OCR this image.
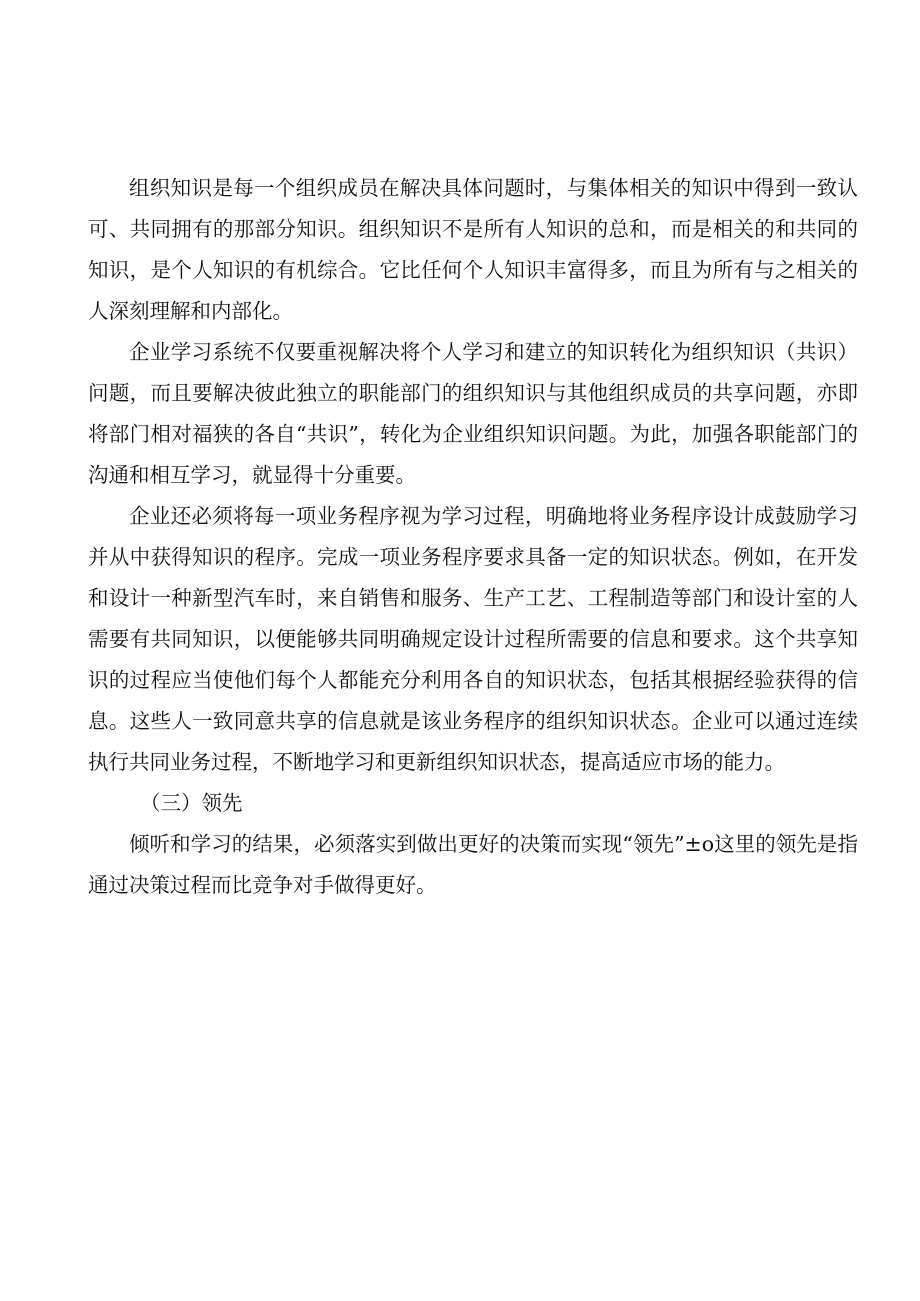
组织知识是每一个组织成员在解决具体问题时，与集体相关的知识中得到一致认可、共同拥有的那部分知识。组织知识不是所有人知识的总和，而是相关的和共同的知识，是个人知识的有机综合。它比任何个人知识丰富得多，而且为所有与之相关的人深刻理解和内部化。

企业学习系统不仅要重视解决将个人学习和建立的知识转化为组织知识（共识）问题，而且要解决彼此独立的职能部门的组织知识与其他组织成员的共享问题，亦即将部门相对福狭的各自“共识”，转化为企业组织知识问题。为此，加强各职能部门的沟通和相互学习，就显得十分重要。

企业还必须将每一项业务程序视为学习过程，明确地将业务程序设计成鼓励学习并从中获得知识的程序。完成一项业务程序要求具备一定的知识状态。例如，在开发和设计一种新型汽车时，来自销售和服务、生产工艺、工程制造等部门和设计室的人需要有共同知识，以便能够共同明确规定设计过程所需要的信息和要求。这个共享知识的过程应当使他们每个人都能充分利用各自的知识状态，包括其根据经验获得的信息。这些人一致同意共享的信息就是该业务程序的组织知识状态。企业可以通过连续执行共同业务过程，不断地学习和更新组织知识状态，提高适应市场的能力。

（三）领先

倾听和学习的结果，必须落实到做出更好的决策而实现“领先”±o这里的领先是指通过决策过程而比竞争对手做得更好。
